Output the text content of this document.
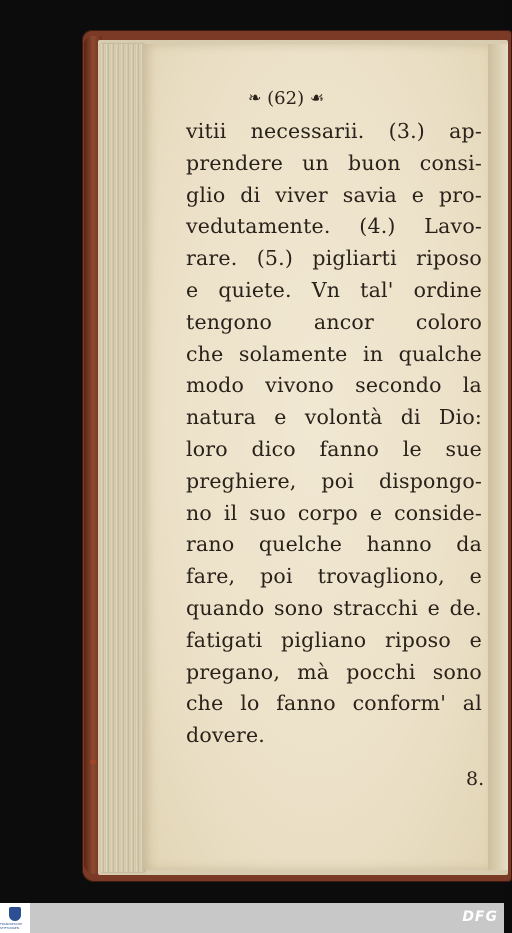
❧ (62) ☙
vitii necessarii. (3.) ap-
prendere un buon consi-
glio di viver savia e pro-
vedutamente. (4.) Lavo-
rare. (5.) pigliarti riposo
e quiete. Vn tal' ordine
tengono ancor coloro
che solamente in qualche
modo vivono secondo la
natura e volontà di Dio:
loro dico fanno le sue
preghiere, poi dispongo-
no il suo corpo e conside-
rano quelche hanno da
fare, poi trovagliono, e
quando sono stracchi e de.
fatigati pigliano riposo e
pregano, mà pocchi sono
che lo fanno conform' al
dovere.
8.
FRANCKESCHE STIFTUNGEN
DFG
